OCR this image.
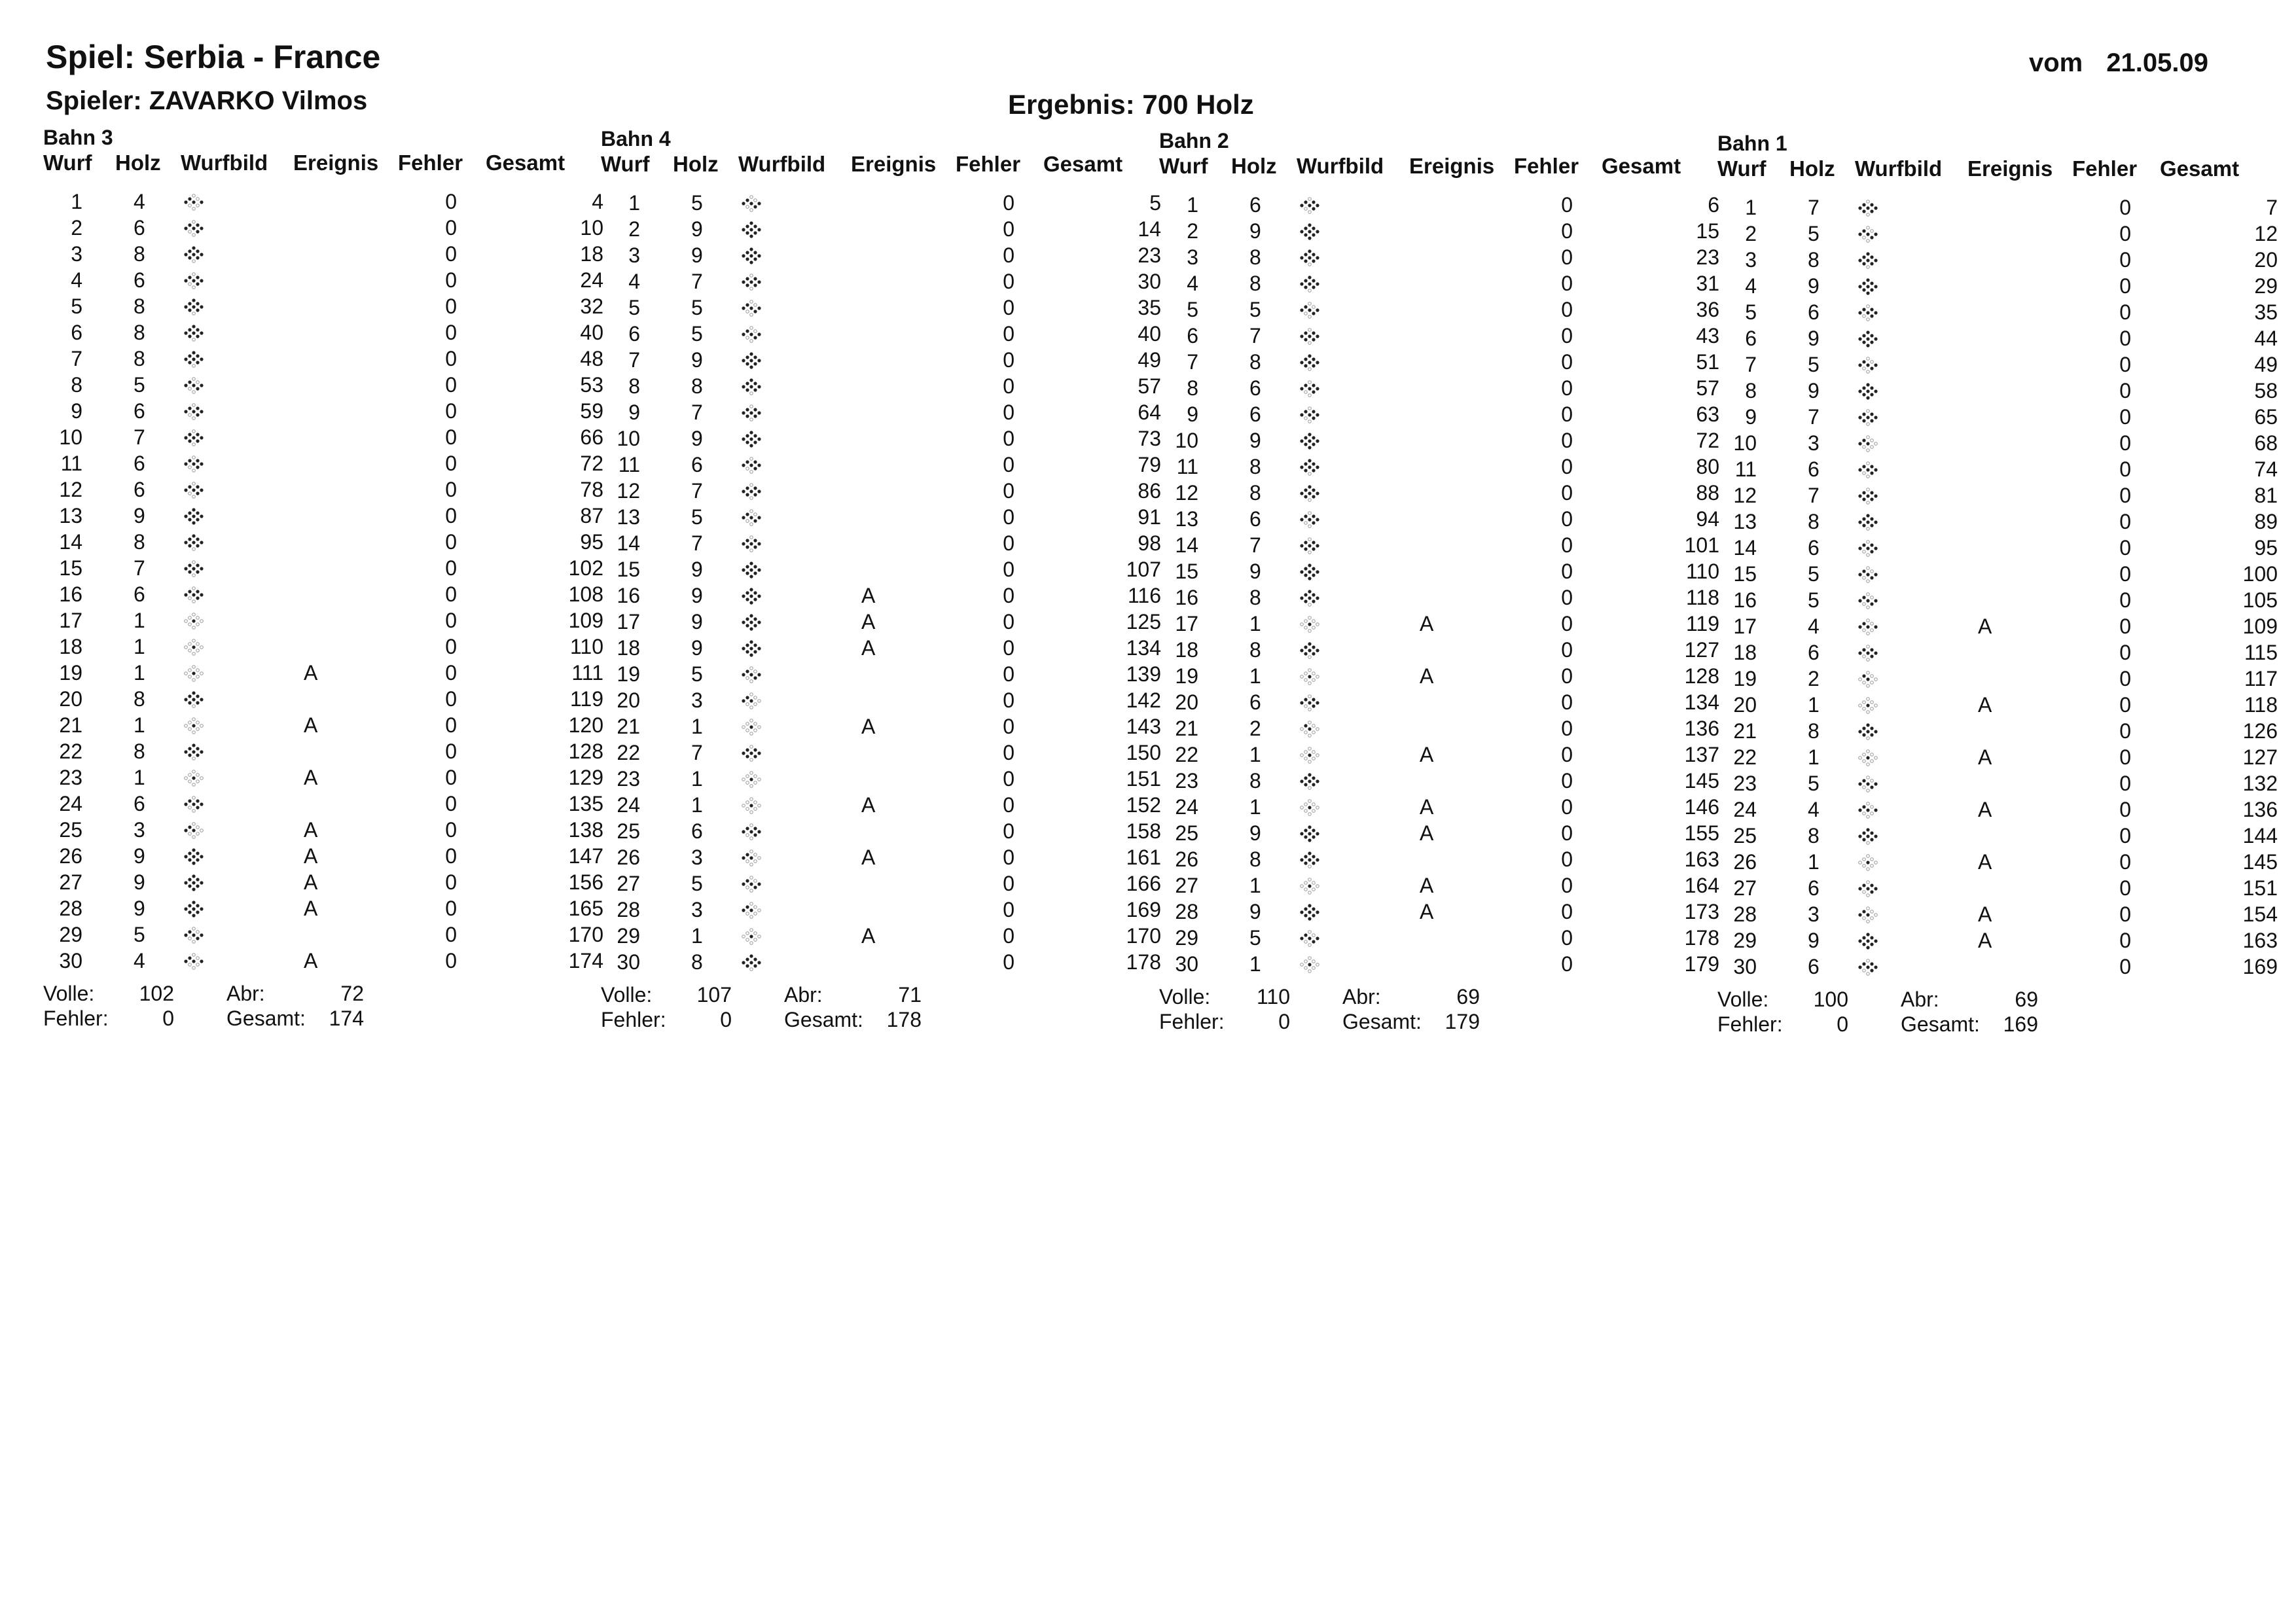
Spiel: Serbia - France
Spieler: ZAVARKO Vilmos	Ergebnis: 700 Holz
vom 21.05.09
Bahn 3
Wurf Holz Wurfbild Ereignis Fehler Gesamt
1 4	0	4
2 6	0	10
3 8	0	18
4 6	0	24
5 8	0	32
6 8	0	40
7 8	0	48
8 5	0	53
9 6	0	59
10 7	0	66
11 6	0	72
12 6	0	78
13 9	0	87
14 8	0	95
15 7	0	102
16 6	0	108
17 1	0	109
18 1	0	110
19 1	A	0	111
20 8	0	119
21 1	A	0	120
22 8	0	128
23 1	A	0	129
24 6	0	135
25 3	A	0	138
26 9	A	0	147
27 9	A	0	156
28 9	A	0	165
29 5	0	170
30 4	A	0	174
Volle: 102	Abr:	72
Fehler:	0	Gesamt:	174
Bahn 4
Wurf Holz Wurfbild Ereignis Fehler Gesamt
1 5	0	5
2 9	0	14
3 9	0	23
4 7	0	30
5 5	0	35
6 5	0	40
7 9	0	49
8 8	0	57
9 7	0	64
10 9	0	73
11 6	0	79
12 7	0	86
13 5	0	91
14 7	0	98
15 9	0	107
16 9	A	0	116
17 9	A	0	125
18 9	A	0	134
19 5	0	139
20 3	0	142
21 1	A	0	143
22 7	0	150
23 1	0	151
24 1	A	0	152
25 6	0	158
26 3	A	0	161
27 5	0	166
28 3	0	169
29 1	A	0	170
30 8	0	178
Volle: 107	Abr:	71
Fehler:	0	Gesamt:	178
Bahn 2
Wurf Holz Wurfbild Ereignis Fehler Gesamt
1 6	0	6
2 9	0	15
3 8	0	23
4 8	0	31
5 5	0	36
6 7	0	43
7 8	0	51
8 6	0	57
9 6	0	63
10 9	0	72
11 8	0	80
12 8	0	88
13 6	0	94
14 7	0	101
15 9	0	110
16 8	0	118
17 1	A	0	119
18 8	0	127
19 1	A	0	128
20 6	0	134
21 2	0	136
22 1	A	0	137
23 8	0	145
24 1	A	0	146
25 9	A	0	155
26 8	0	163
27 1	A	0	164
28 9	A	0	173
29 5	0	178
30 1	0	179
Volle: 110	Abr:	69
Fehler:	0	Gesamt:	179
Bahn 1
Wurf Holz Wurfbild Ereignis Fehler Gesamt
1 7	0	7
2 5	0	12
3 8	0	20
4 9	0	29
5 6	0	35
6 9	0	44
7 5	0	49
8 9	0	58
9 7	0	65
10 3	0	68
11 6	0	74
12 7	0	81
13 8	0	89
14 6	0	95
15 5	0	100
16 5	0	105
17 4	A	0	109
18 6	0	115
19 2	0	117
20 1	A	0	118
21 8	0	126
22 1	A	0	127
23 5	0	132
24 4	A	0	136
25 8	0	144
26 1	A	0	145
27 6	0	151
28 3	A	0	154
29 9	A	0	163
30 6	0	169
Volle: 100	Abr:	69
Fehler:	0	Gesamt:	169
